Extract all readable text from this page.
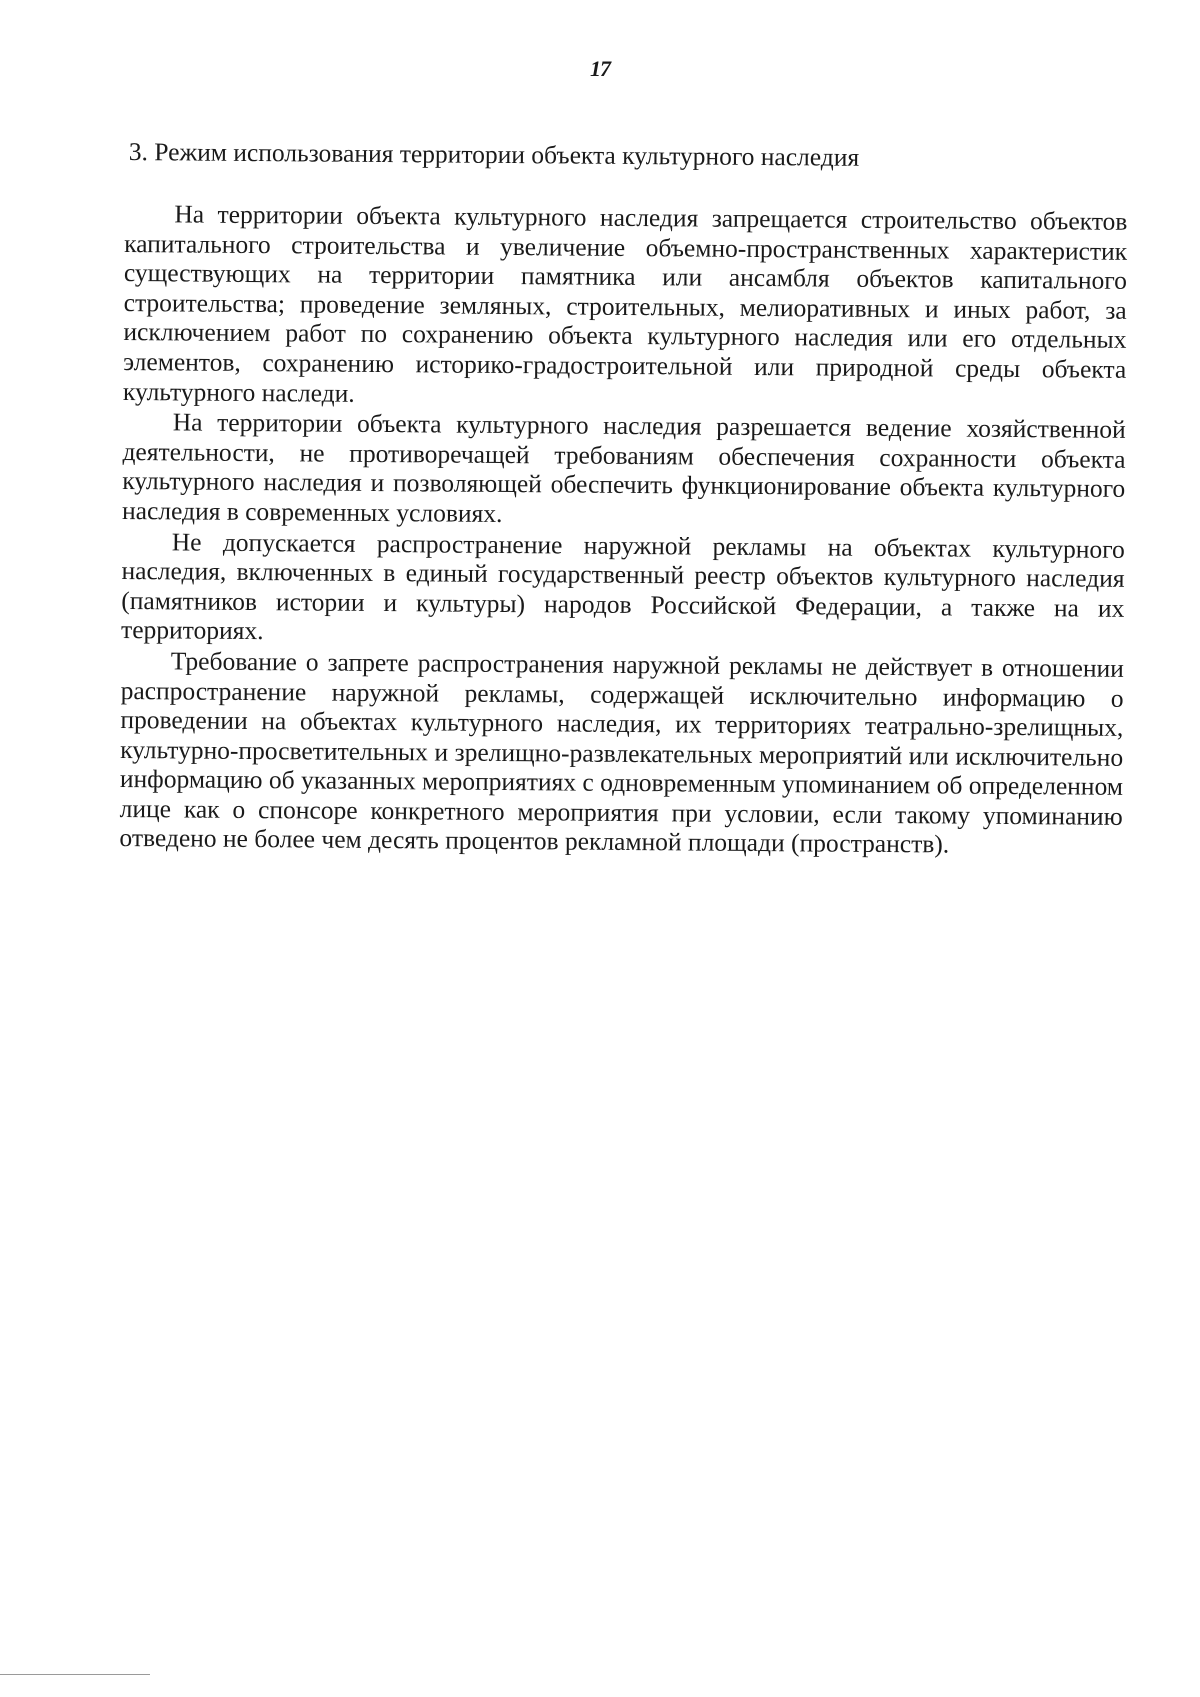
17
3. Режим использования территории объекта культурного наследия

На территории объекта культурного наследия запрещается строительство объектов капитального строительства и увеличение объемно-пространственных характеристик существующих на территории памятника или ансамбля объектов капитального строительства; проведение земляных, строительных, мелиоративных и иных работ, за исключением работ по сохранению объекта культурного наследия или его отдельных элементов, сохранению историко-градостроительной или природной среды объекта культурного наследи.

На территории объекта культурного наследия разрешается ведение хозяйственной деятельности, не противоречащей требованиям обеспечения сохранности объекта культурного наследия и позволяющей обеспечить функционирование объекта культурного наследия в современных условиях.

Не допускается распространение наружной рекламы на объектах культурного наследия, включенных в единый государственный реестр объектов культурного наследия (памятников истории и культуры) народов Российской Федерации, а также на их территориях.

Требование о запрете распространения наружной рекламы не действует в отношении распространение наружной рекламы, содержащей исключительно информацию о проведении на объектах культурного наследия, их территориях театрально-зрелищных, культурно-просветительных и зрелищно-развлекательных мероприятий или исключительно информацию об указанных мероприятиях с одновременным упоминанием об определенном лице как о спонсоре конкретного мероприятия при условии, если такому упоминанию отведено не более чем десять процентов рекламной площади (пространств).
